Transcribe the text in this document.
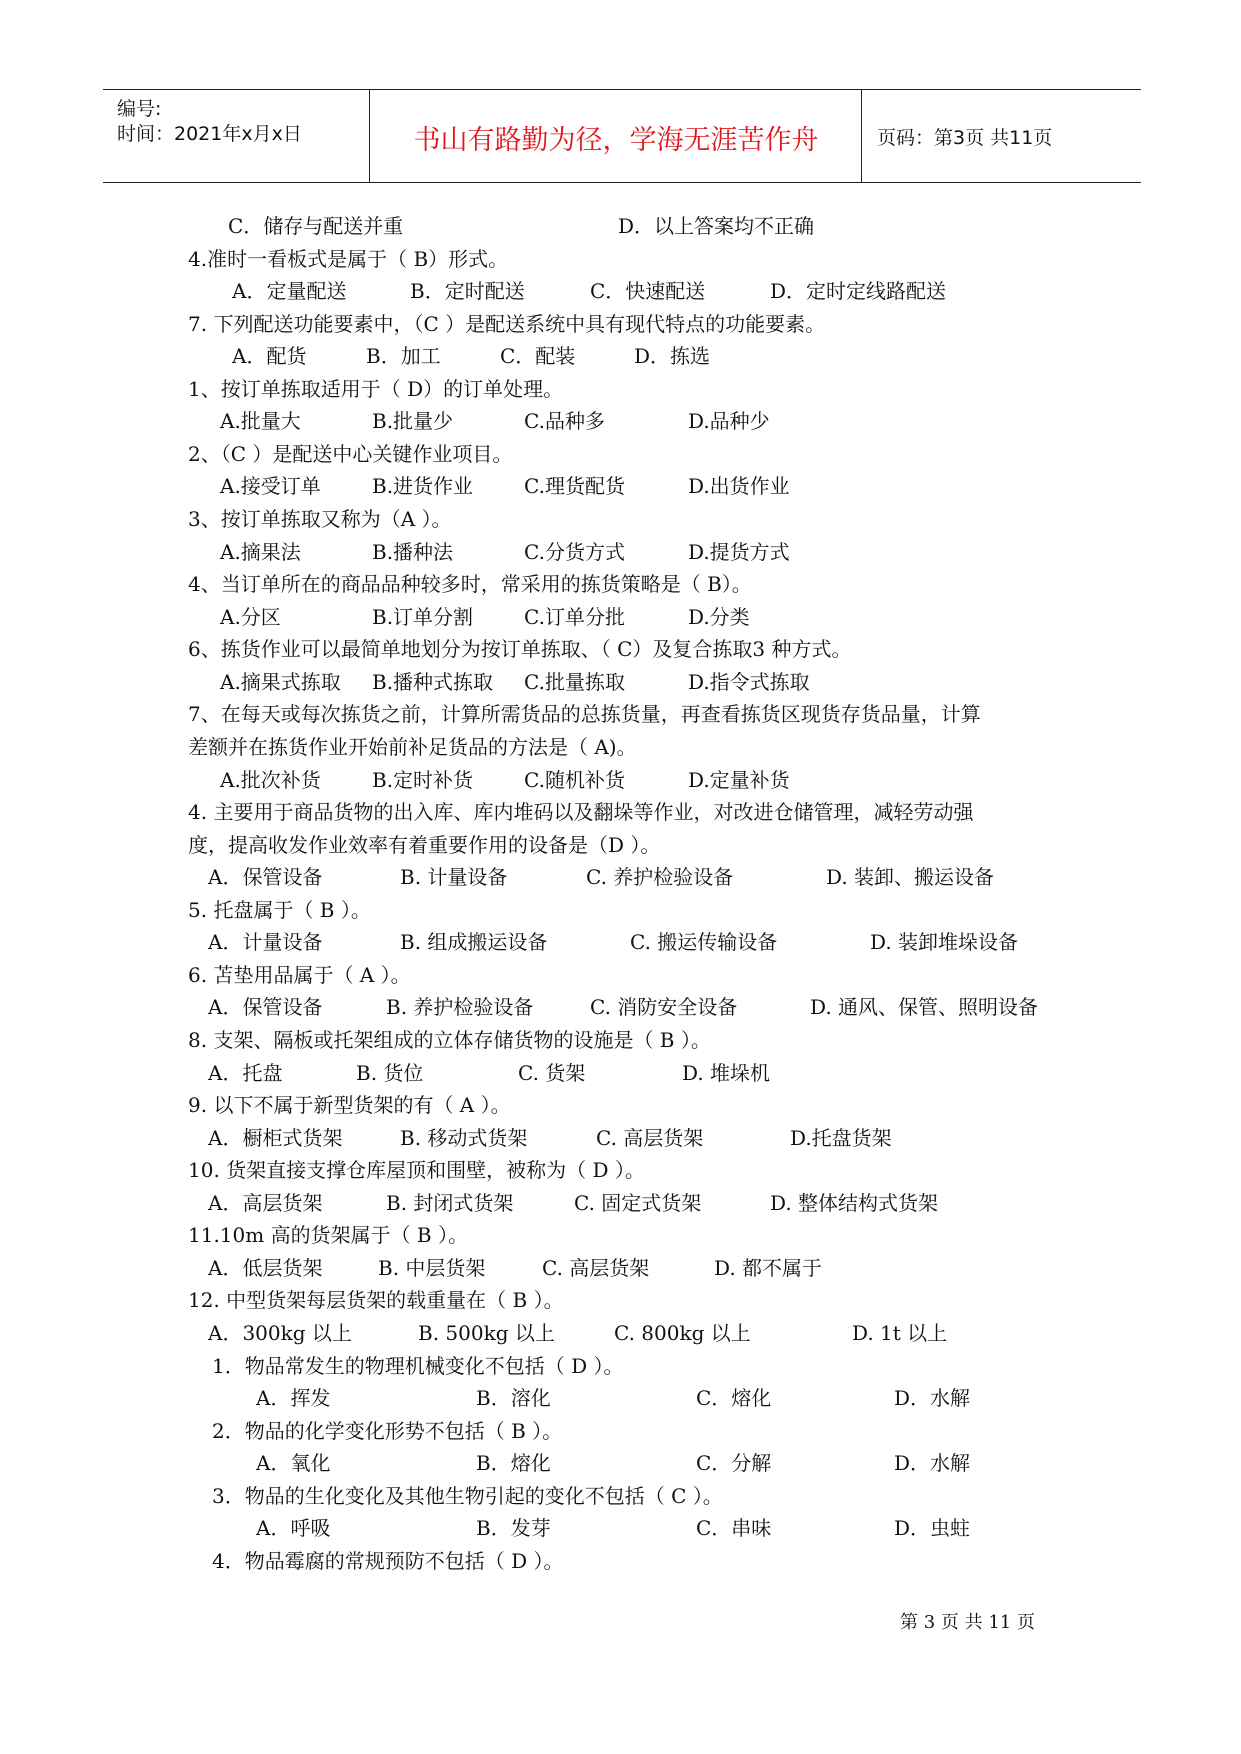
编号:
时间：2021年x月x日	书山有路勤为径，学海无涯苦作舟	页码：第3页 共11页
C．储存与配送并重	D．以上答案均不正确
4.准时一看板式是属于（ B）形式。
A．定量配送	B．定时配送	C．快速配送	D．定时定线路配送
7. 下列配送功能要素中，（C ）是配送系统中具有现代特点的功能要素。
A．配货	B．加工	C．配装	D．拣选
1、按订单拣取适用于（ D）的订单处理。
A.批量大	B.批量少	C.品种多	D.品种少
2、（C ）是配送中心关键作业项目。
A.接受订单	B.进货作业	C.理货配货	D.出货作业
3、按订单拣取又称为（A ）。
A.摘果法	B.播种法	C.分货方式	D.提货方式
4、当订单所在的商品品种较多时，常采用的拣货策略是（ B）。
A.分区	B.订单分割	C.订单分批	D.分类
6、拣货作业可以最简单地划分为按订单拣取、（ C）及复合拣取3 种方式。
A.摘果式拣取 B.播种式拣取 C.批量拣取	D.指令式拣取
7、在每天或每次拣货之前，计算所需货品的总拣货量，再查看拣货区现货存货品量，计算
差额并在拣货作业开始前补足货品的方法是（ A)。
A.批次补货	B.定时补货	C.随机补货	D.定量补货
4. 主要用于商品货物的出入库、库内堆码以及翻垛等作业，对改进仓储管理，减轻劳动强
度，提高收发作业效率有着重要作用的设备是（D ）。
A．保管设备	B. 计量设备	C. 养护检验设备	D. 装卸、搬运设备
5. 托盘属于（ B ）。
A．计量设备	B. 组成搬运设备	C. 搬运传输设备	D. 装卸堆垛设备
6. 苫垫用品属于（ A ）。
A．保管设备	B. 养护检验设备	C. 消防安全设备	D. 通风、保管、照明设备
8. 支架、隔板或托架组成的立体存储货物的设施是（ B ）。
A．托盘	B. 货位	C. 货架	D. 堆垛机
9. 以下不属于新型货架的有（ A ）。
A．橱柜式货架	B. 移动式货架	C. 高层货架	D.托盘货架
10. 货架直接支撑仓库屋顶和围壁，被称为（ D ）。
A．高层货架	B. 封闭式货架	C. 固定式货架	D. 整体结构式货架
11.10m 高的货架属于（ B ）。
A．低层货架	B. 中层货架	C. 高层货架	D. 都不属于
12. 中型货架每层货架的载重量在（ B ）。
A．300kg 以上	B. 500kg 以上	C. 800kg 以上	D. 1t 以上
1．物品常发生的物理机械变化不包括（ D ）。
A．挥发	B．溶化	C．熔化	D．水解
2．物品的化学变化形势不包括（ B ）。
A．氧化	B．熔化	C．分解	D．水解
3．物品的生化变化及其他生物引起的变化不包括（ C ）。
A．呼吸	B．发芽	C．串味	D．虫蛀
4．物品霉腐的常规预防不包括（ D ）。
第 3 页 共 11 页
